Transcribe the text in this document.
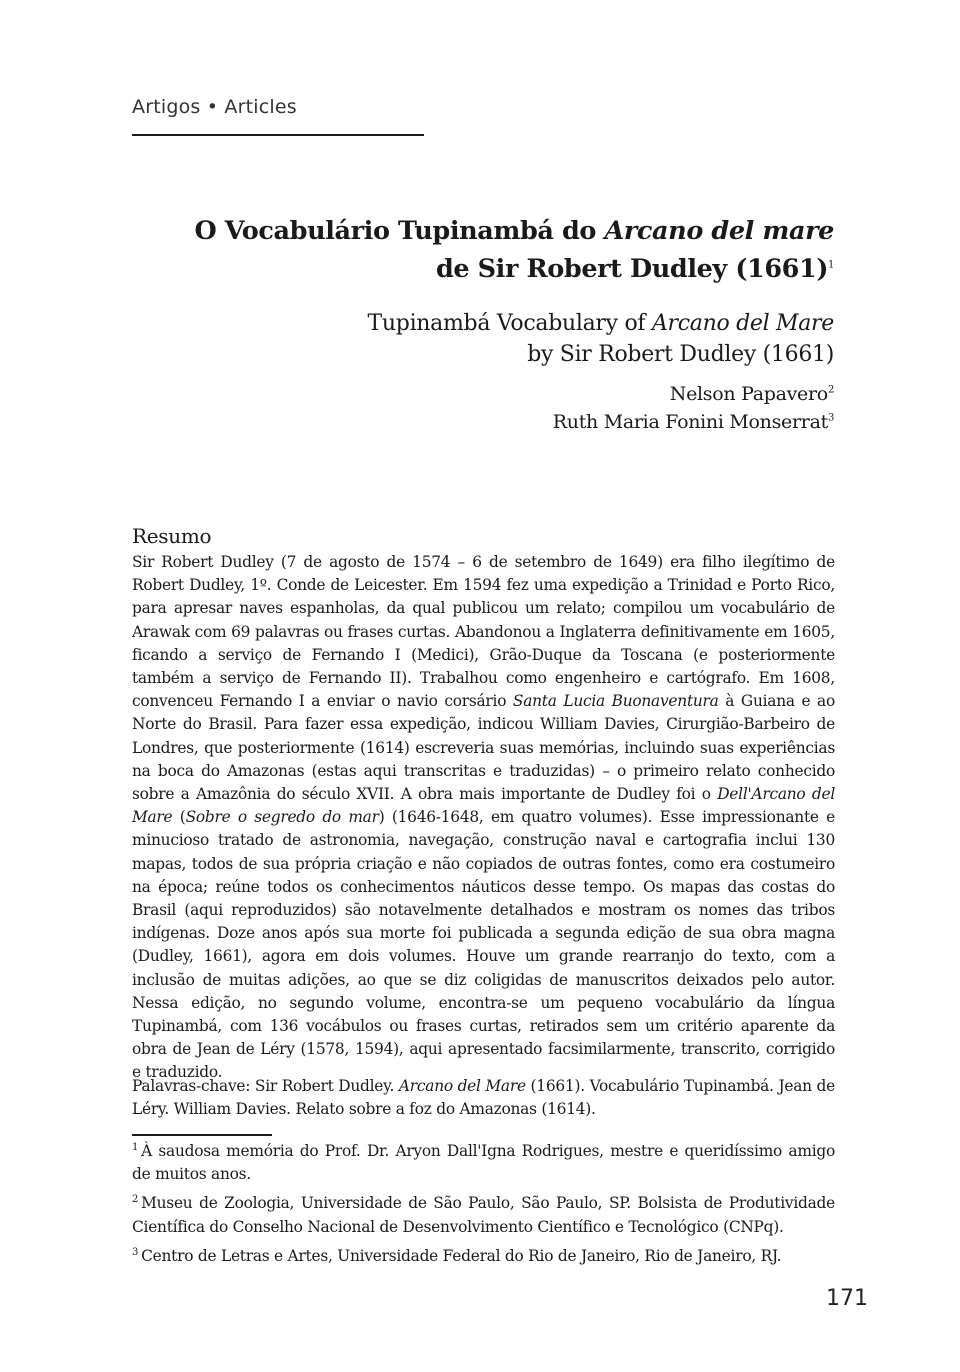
Artigos • Articles
O Vocabulário Tupinambá do Arcano del mare
de Sir Robert Dudley $(1661)^1$
Tupinambá Vocabulary of Arcano del Mare
by Sir Robert Dudley (1661)
Nelson Papavero$^2$
Ruth Maria Fonini Monserrat$^3$
Resumo

Sir Robert Dudley (7 de agosto de 1574 – 6 de setembro de 1649) era filho ilegítimo de Robert Dudley, 1º. Conde de Leicester. Em 1594 fez uma expedição a Trinidad e Porto Rico, para apresar naves espanholas, da qual publicou um relato; compilou um vocabulário de Arawak com 69 palavras ou frases curtas. Abandonou a Inglaterra definitivamente em 1605, ficando a serviço de Fernando I (Medici), Grão-Duque da Toscana (e posteriormente também a serviço de Fernando II). Trabalhou como engenheiro e cartógrafo. Em 1608, convenceu Fernando I a enviar o navio corsário Santa Lucia Buonaventura à Guiana e ao Norte do Brasil. Para fazer essa expedição, indicou William Davies, Cirurgião-Barbeiro de Londres, que posteriormente (1614) escreveria suas memórias, incluindo suas experiências na boca do Amazonas (estas aqui transcritas e traduzidas) – o primeiro relato conhecido sobre a Amazônia do século XVII. A obra mais importante de Dudley foi o Dell'Arcano del Mare (Sobre o segredo do mar) (1646-1648, em quatro volumes). Esse impressionante e minucioso tratado de astronomia, navegação, construção naval e cartografia inclui 130 mapas, todos de sua própria criação e não copiados de outras fontes, como era costumeiro na época; reúne todos os conhecimentos náuticos desse tempo. Os mapas das costas do Brasil (aqui reproduzidos) são notavelmente detalhados e mostram os nomes das tribos indígenas. Doze anos após sua morte foi publicada a segunda edição de sua obra magna (Dudley, 1661), agora em dois volumes. Houve um grande rearranjo do texto, com a inclusão de muitas adições, ao que se diz coligidas de manuscritos deixados pelo autor. Nessa edição, no segundo volume, encontra-se um pequeno vocabulário da língua Tupinambá, com 136 vocábulos ou frases curtas, retirados sem um critério aparente da obra de Jean de Léry (1578, 1594), aqui apresentado facsimilarmente, transcrito, corrigido e traduzido.

Palavras-chave: Sir Robert Dudley. Arcano del Mare (1661). Vocabulário Tupinambá. Jean de Léry. William Davies. Relato sobre a foz do Amazonas (1614).

$^1$ À saudosa memória do Prof. Dr. Aryon Dall'Igna Rodrigues, mestre e queridíssimo amigo de muitos anos.

$^2$ Museu de Zoologia, Universidade de São Paulo, São Paulo, SP. Bolsista de Produtividade Científica do Conselho Nacional de Desenvolvimento Científico e Tecnológico (CNPq).

$^3$ Centro de Letras e Artes, Universidade Federal do Rio de Janeiro, Rio de Janeiro, RJ.

171
